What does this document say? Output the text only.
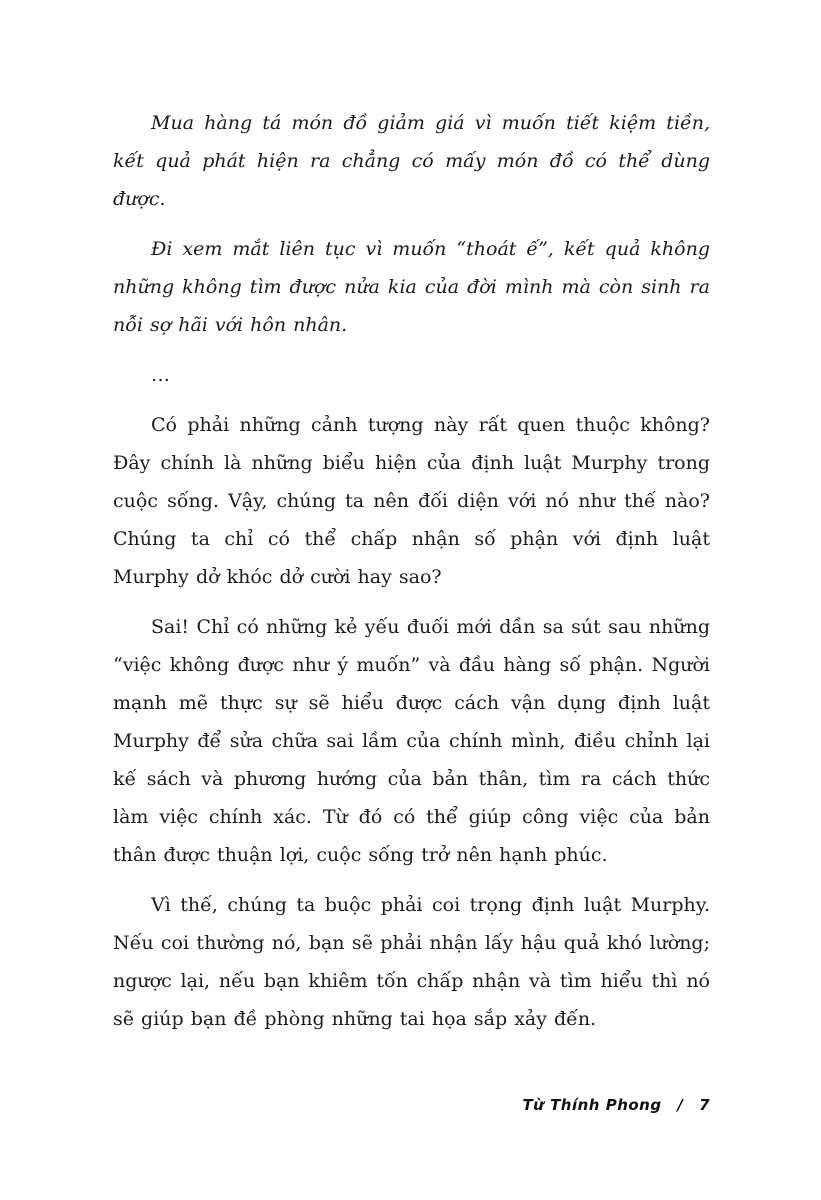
Mua hàng tá món đồ giảm giá vì muốn tiết kiệm tiền, kết quả phát hiện ra chẳng có mấy món đồ có thể dùng được.

Đi xem mắt liên tục vì muốn “thoát ế”, kết quả không những không tìm được nửa kia của đời mình mà còn sinh ra nỗi sợ hãi với hôn nhân.

…

Có phải những cảnh tượng này rất quen thuộc không? Đây chính là những biểu hiện của định luật Murphy trong cuộc sống. Vậy, chúng ta nên đối diện với nó như thế nào? Chúng ta chỉ có thể chấp nhận số phận với định luật Murphy dở khóc dở cười hay sao?

Sai! Chỉ có những kẻ yếu đuối mới dần sa sút sau những “việc không được như ý muốn” và đầu hàng số phận. Người mạnh mẽ thực sự sẽ hiểu được cách vận dụng định luật Murphy để sửa chữa sai lầm của chính mình, điều chỉnh lại kế sách và phương hướng của bản thân, tìm ra cách thức làm việc chính xác. Từ đó có thể giúp công việc của bản thân được thuận lợi, cuộc sống trở nên hạnh phúc.

Vì thế, chúng ta buộc phải coi trọng định luật Murphy. Nếu coi thường nó, bạn sẽ phải nhận lấy hậu quả khó lường; ngược lại, nếu bạn khiêm tốn chấp nhận và tìm hiểu thì nó sẽ giúp bạn đề phòng những tai họa sắp xảy đến.

Từ Thính Phong / 7
